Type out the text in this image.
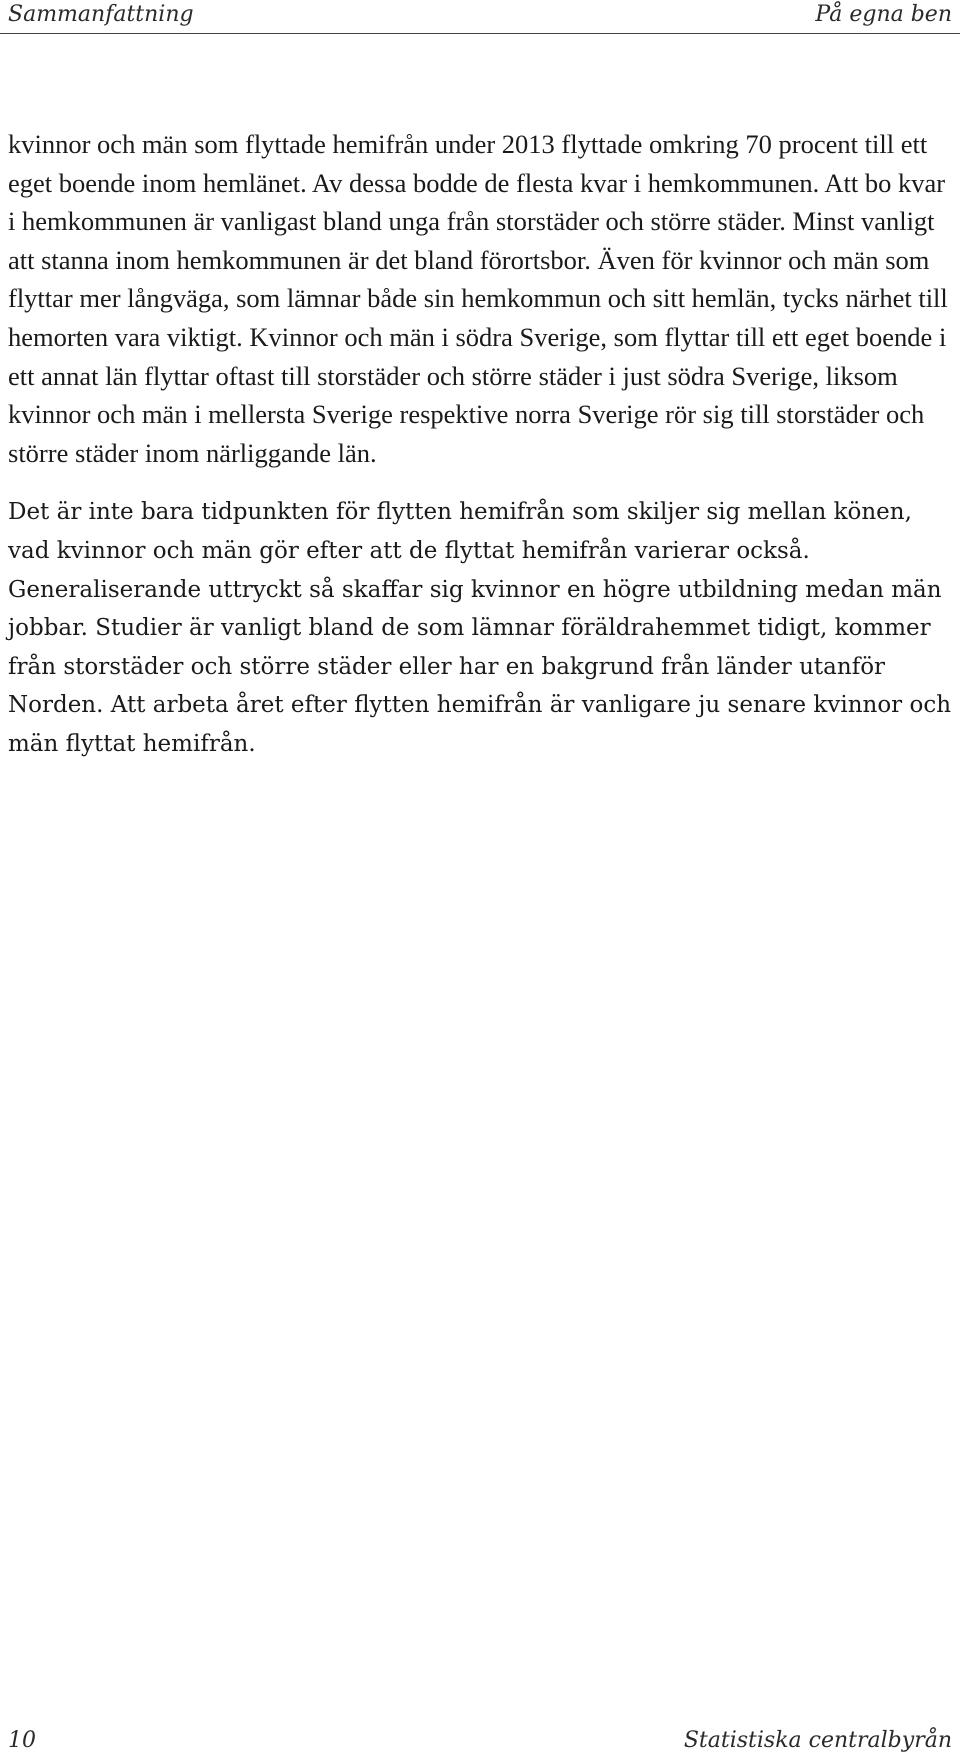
Sammanfattning	På egna ben

kvinnor och män som flyttade hemifrån under 2013 flyttade omkring 70 procent till ett eget boende inom hemlänet. Av dessa bodde de flesta kvar i hemkommunen. Att bo kvar i hemkommunen är vanligast bland unga från storstäder och större städer. Minst vanligt att stanna inom hemkommunen är det bland förortsbor. Även för kvinnor och män som flyttar mer långväga, som lämnar både sin hemkommun och sitt hemlän, tycks närhet till hemorten vara viktigt. Kvinnor och män i södra Sverige, som flyttar till ett eget boende i ett annat län flyttar oftast till storstäder och större städer i just södra Sverige, liksom kvinnor och män i mellersta Sverige respektive norra Sverige rör sig till storstäder och större städer inom närliggande län.

Det är inte bara tidpunkten för flytten hemifrån som skiljer sig mellan könen, vad kvinnor och män gör efter att de flyttat hemifrån varierar också. Generaliserande uttryckt så skaffar sig kvinnor en högre utbildning medan män jobbar. Studier är vanligt bland de som lämnar föräldrahemmet tidigt, kommer från storstäder och större städer eller har en bakgrund från länder utanför Norden. Att arbeta året efter flytten hemifrån är vanligare ju senare kvinnor och män flyttat hemifrån.

10	Statistiska centralbyrån
